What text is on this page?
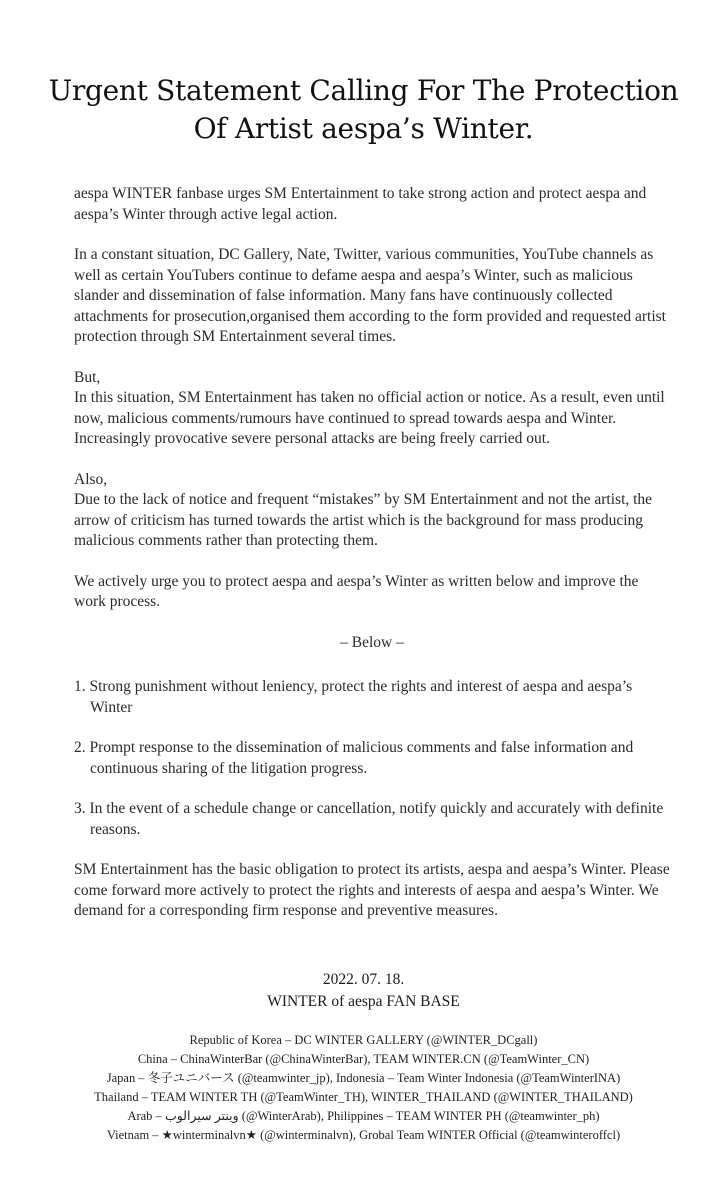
Urgent Statement Calling For The Protection
Of Artist aespa’s Winter.

aespa WINTER fanbase urges SM Entertainment to take strong action and protect aespa and aespa’s Winter through active legal action.

In a constant situation, DC Gallery, Nate, Twitter, various communities, YouTube channels as well as certain YouTubers continue to defame aespa and aespa’s Winter, such as malicious slander and dissemination of false information. Many fans have continuously collected attachments for prosecution,organised them according to the form provided and requested artist protection through SM Entertainment several times.

But,
In this situation, SM Entertainment has taken no official action or notice. As a result, even until now, malicious comments/rumours have continued to spread towards aespa and Winter. Increasingly provocative severe personal attacks are being freely carried out.

Also,
Due to the lack of notice and frequent “mistakes” by SM Entertainment and not the artist, the arrow of criticism has turned towards the artist which is the background for mass producing malicious comments rather than protecting them.

We actively urge you to protect aespa and aespa’s Winter as written below and improve the work process.

– Below –
1. Strong punishment without leniency, protect the rights and interest of aespa and aespa’s Winter
2. Prompt response to the dissemination of malicious comments and false information and continuous sharing of the litigation progress.
3. In the event of a schedule change or cancellation, notify quickly and accurately with definite reasons.

SM Entertainment has the basic obligation to protect its artists, aespa and aespa’s Winter. Please come forward more actively to protect the rights and interests of aespa and aespa’s Winter. We demand for a corresponding firm response and preventive measures.

2022. 07. 18.
WINTER of aespa FAN BASE
Republic of Korea – DC WINTER GALLERY (@WINTER_DCgall)
China – ChinaWinterBar (@ChinaWinterBar), TEAM WINTER.CN (@TeamWinter_CN)
Japan – 冬子ユニバース (@teamwinter_jp), Indonesia – Team Winter Indonesia (@TeamWinterINA)
Thailand – TEAM WINTER TH (@TeamWinter_TH), WINTER_THAILAND (@WINTER_THAILAND)
Arab – وينتر سيرالوب (@WinterArab), Philippines – TEAM WINTER PH (@teamwinter_ph)
Vietnam – ★winterminalvn★ (@winterminalvn), Grobal Team WINTER Official (@teamwinteroffcl)
